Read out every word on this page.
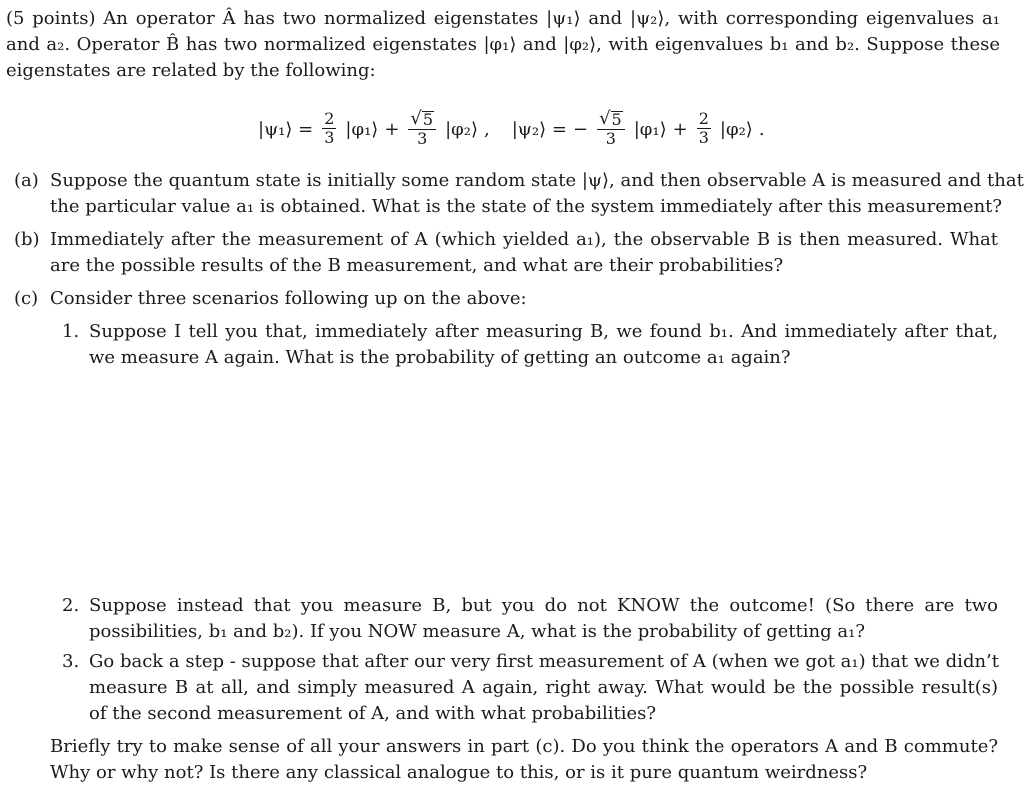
(5 points) An operator Â has two normalized eigenstates |ψ₁⟩ and |ψ₂⟩, with corresponding eigenvalues a₁
and a₂. Operator B̂ has two normalized eigenstates |φ₁⟩ and |φ₂⟩, with eigenvalues b₁ and b₂. Suppose these
eigenstates are related by the following:
|ψ₁⟩ = $\frac{2}{3}$ |φ₁⟩ + $\frac{√ 5}{3}$ |φ₂⟩ , |ψ₂⟩ = − $\frac{√ 5}{3}$ |φ₁⟩ + $\frac{2}{3}$ |φ₂⟩ .
(a) Suppose the quantum state is initially some random state |ψ⟩, and then observable A is measured and that
the particular value a₁ is obtained. What is the state of the system immediately after this measurement?
(b) Immediately after the measurement of A (which yielded a₁), the observable B is then measured. What
are the possible results of the B measurement, and what are their probabilities?
(c) Consider three scenarios following up on the above:
1. Suppose I tell you that, immediately after measuring B, we found b₁. And immediately after that,
we measure A again. What is the probability of getting an outcome a₁ again?
2. Suppose instead that you measure B, but you do not KNOW the outcome! (So there are two
possibilities, b₁ and b₂). If you NOW measure A, what is the probability of getting a₁?
3. Go back a step - suppose that after our very first measurement of A (when we got a₁) that we didn’t
measure B at all, and simply measured A again, right away. What would be the possible result(s)
of the second measurement of A, and with what probabilities?
Briefly try to make sense of all your answers in part (c). Do you think the operators A and B commute?
Why or why not? Is there any classical analogue to this, or is it pure quantum weirdness?
